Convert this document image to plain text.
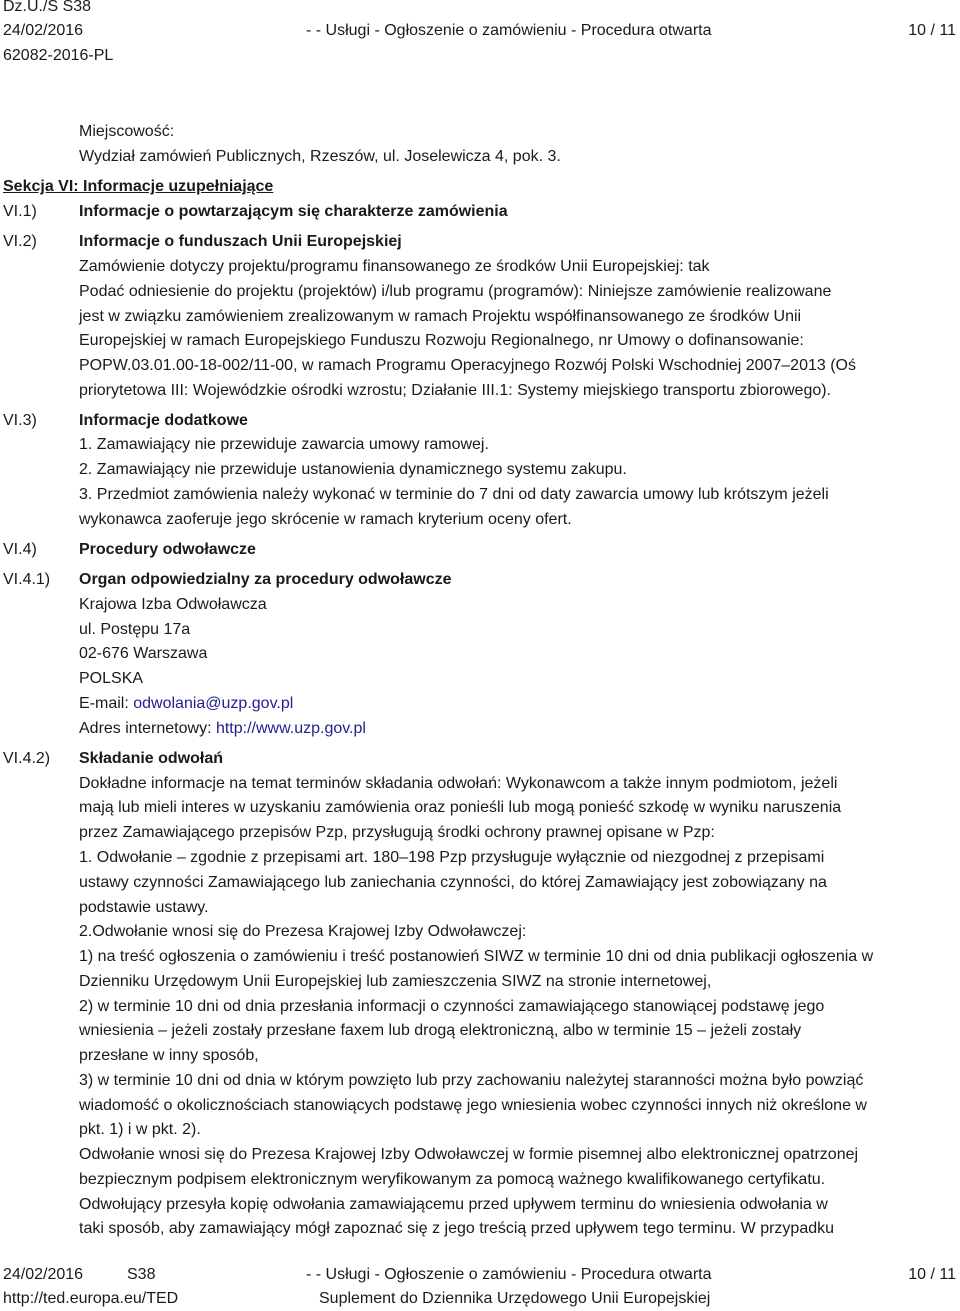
Dz.U./S S38
24/02/2016	- - Usługi - Ogłoszenie o zamówieniu - Procedura otwarta	10 / 11
62082-2016-PL
Miejscowość:
Wydział zamówień Publicznych, Rzeszów, ul. Joselewicza 4, pok. 3.
Sekcja VI: Informacje uzupełniające
VI.1)	Informacje o powtarzającym się charakterze zamówienia
VI.2)	Informacje o funduszach Unii Europejskiej
Zamówienie dotyczy projektu/programu finansowanego ze środków Unii Europejskiej: tak
Podać odniesienie do projektu (projektów) i/lub programu (programów): Niniejsze zamówienie realizowane
jest w związku zamówieniem zrealizowanym w ramach Projektu współfinansowanego ze środków Unii
Europejskiej w ramach Europejskiego Funduszu Rozwoju Regionalnego, nr Umowy o dofinansowanie:
POPW.03.01.00-18-002/11-00, w ramach Programu Operacyjnego Rozwój Polski Wschodniej 2007–2013 (Oś
priorytetowa III: Wojewódzkie ośrodki wzrostu; Działanie III.1: Systemy miejskiego transportu zbiorowego).
VI.3)	Informacje dodatkowe
1. Zamawiający nie przewiduje zawarcia umowy ramowej.
2. Zamawiający nie przewiduje ustanowienia dynamicznego systemu zakupu.
3. Przedmiot zamówienia należy wykonać w terminie do 7 dni od daty zawarcia umowy lub krótszym jeżeli
wykonawca zaoferuje jego skrócenie w ramach kryterium oceny ofert.
VI.4)	Procedury odwoławcze
VI.4.1) Organ odpowiedzialny za procedury odwoławcze
Krajowa Izba Odwoławcza
ul. Postępu 17a
02-676 Warszawa
POLSKA
E-mail: odwolania@uzp.gov.pl
Adres internetowy: http://www.uzp.gov.pl
VI.4.2) Składanie odwołań
Dokładne informacje na temat terminów składania odwołań: Wykonawcom a także innym podmiotom, jeżeli
mają lub mieli interes w uzyskaniu zamówienia oraz ponieśli lub mogą ponieść szkodę w wyniku naruszenia
przez Zamawiającego przepisów Pzp, przysługują środki ochrony prawnej opisane w Pzp:
1. Odwołanie – zgodnie z przepisami art. 180–198 Pzp przysługuje wyłącznie od niezgodnej z przepisami
ustawy czynności Zamawiającego lub zaniechania czynności, do której Zamawiający jest zobowiązany na
podstawie ustawy.
2.Odwołanie wnosi się do Prezesa Krajowej Izby Odwoławczej:
1) na treść ogłoszenia o zamówieniu i treść postanowień SIWZ w terminie 10 dni od dnia publikacji ogłoszenia w
Dzienniku Urzędowym Unii Europejskiej lub zamieszczenia SIWZ na stronie internetowej,
2) w terminie 10 dni od dnia przesłania informacji o czynności zamawiającego stanowiącej podstawę jego
wniesienia – jeżeli zostały przesłane faxem lub drogą elektroniczną, albo w terminie 15 – jeżeli zostały
przesłane w inny sposób,
3) w terminie 10 dni od dnia w którym powzięto lub przy zachowaniu należytej staranności można było powziąć
wiadomość o okolicznościach stanowiących podstawę jego wniesienia wobec czynności innych niż określone w
pkt. 1) i w pkt. 2).
Odwołanie wnosi się do Prezesa Krajowej Izby Odwoławczej w formie pisemnej albo elektronicznej opatrzonej
bezpiecznym podpisem elektronicznym weryfikowanym za pomocą ważnego kwalifikowanego certyfikatu.
Odwołujący przesyła kopię odwołania zamawiającemu przed upływem terminu do wniesienia odwołania w
taki sposób, aby zamawiający mógł zapoznać się z jego treścią przed upływem tego terminu. W przypadku
24/02/2016	S38	- - Usługi - Ogłoszenie o zamówieniu - Procedura otwarta	10 / 11
http://ted.europa.eu/TED	Suplement do Dziennika Urzędowego Unii Europejskiej
